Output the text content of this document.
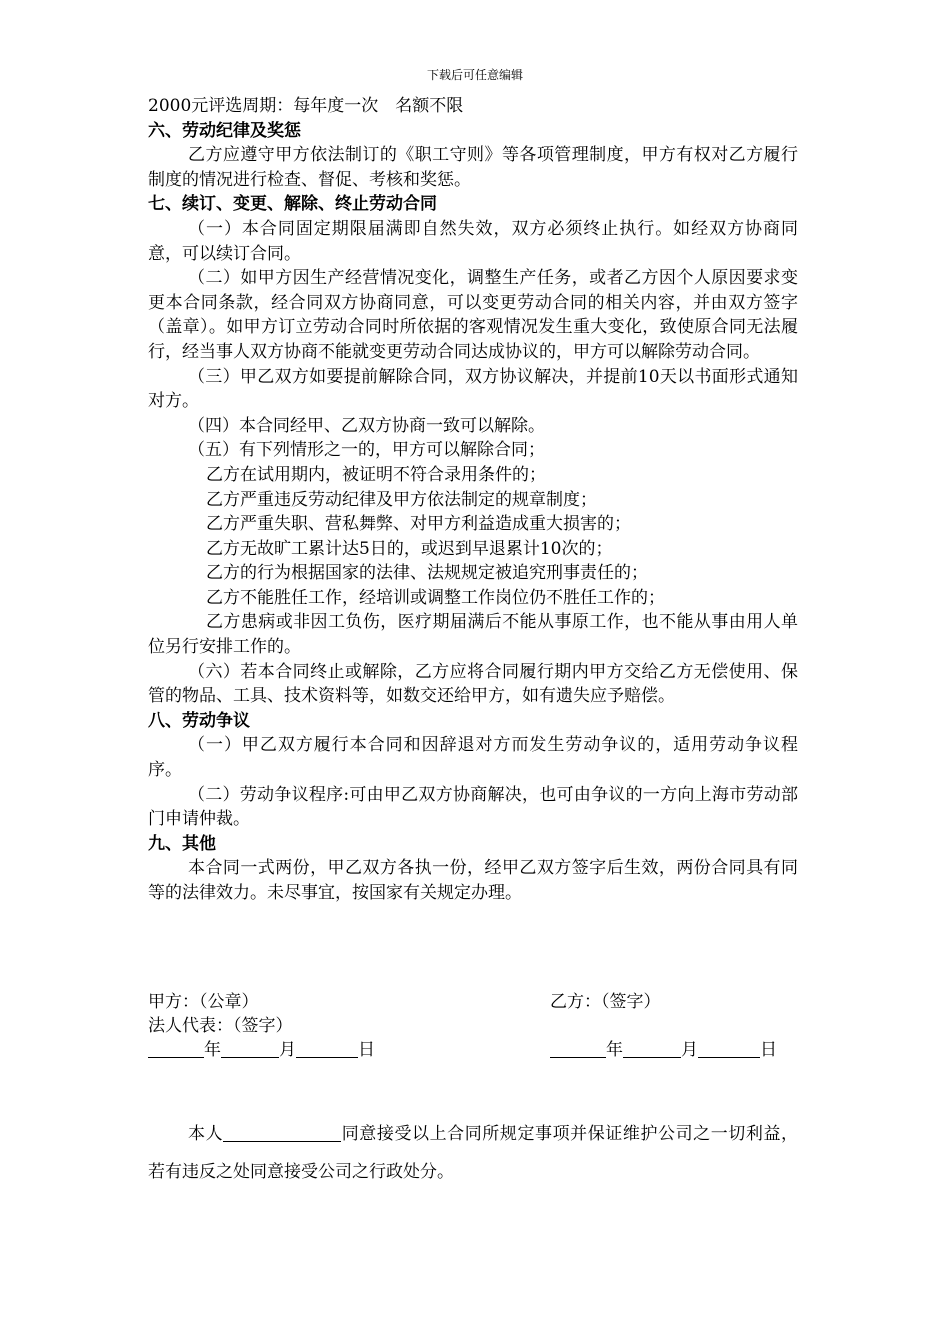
下载后可任意编辑

2000元评选周期：每年度一次　名额不限

六、劳动纪律及奖惩

乙方应遵守甲方依法制订的《职工守则》等各项管理制度，甲方有权对乙方履行制度的情况进行检查、督促、考核和奖惩。

七、续订、变更、解除、终止劳动合同

（一）本合同固定期限届满即自然失效，双方必须终止执行。如经双方协商同意，可以续订合同。

（二）如甲方因生产经营情况变化，调整生产任务，或者乙方因个人原因要求变更本合同条款，经合同双方协商同意，可以变更劳动合同的相关内容，并由双方签字（盖章）。如甲方订立劳动合同时所依据的客观情况发生重大变化，致使原合同无法履行，经当事人双方协商不能就变更劳动合同达成协议的，甲方可以解除劳动合同。

（三）甲乙双方如要提前解除合同，双方协议解决，并提前10天以书面形式通知对方。

（四）本合同经甲、乙双方协商一致可以解除。

（五）有下列情形之一的，甲方可以解除合同；

乙方在试用期内，被证明不符合录用条件的；

乙方严重违反劳动纪律及甲方依法制定的规章制度；

乙方严重失职、营私舞弊、对甲方利益造成重大损害的；

乙方无故旷工累计达5日的，或迟到早退累计10次的；

乙方的行为根据国家的法律、法规规定被追究刑事责任的；

乙方不能胜任工作，经培训或调整工作岗位仍不胜任工作的；

乙方患病或非因工负伤，医疗期届满后不能从事原工作，也不能从事由用人单位另行安排工作的。

（六）若本合同终止或解除，乙方应将合同履行期内甲方交给乙方无偿使用、保管的物品、工具、技术资料等，如数交还给甲方，如有遗失应予赔偿。

八、劳动争议

（一）甲乙双方履行本合同和因辞退对方而发生劳动争议的，适用劳动争议程序。

（二）劳动争议程序:可由甲乙双方协商解决，也可由争议的一方向上海市劳动部门申请仲裁。

九、其他

本合同一式两份，甲乙双方各执一份，经甲乙双方签字后生效，两份合同具有同等的法律效力。未尽事宜，按国家有关规定办理。

甲方：（公章）	乙方：（签字）
法人代表：（签字）
年	月	日	年	月	日

本人	同意接受以上合同所规定事项并保证维护公司之一切利益，若有违反之处同意接受公司之行政处分。
